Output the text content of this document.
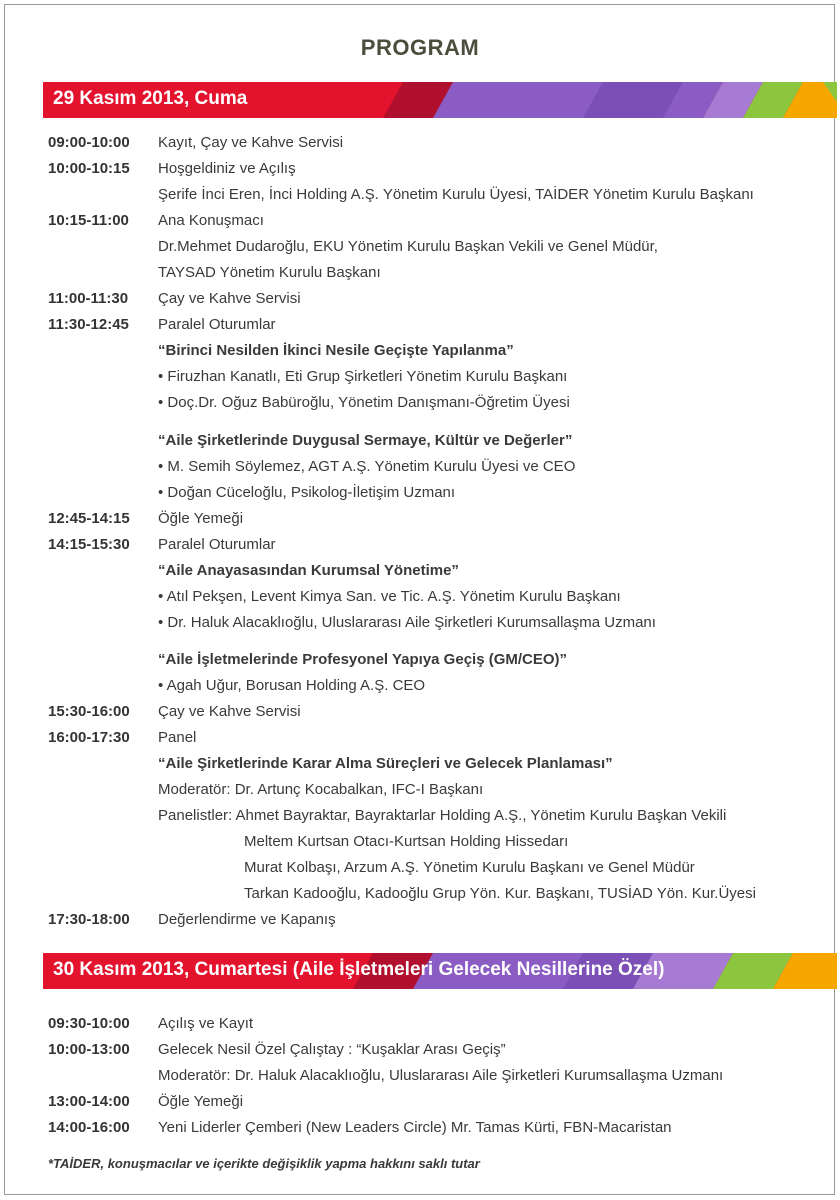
PROGRAM
29 Kasım 2013, Cuma
09:00-10:00 Kayıt, Çay ve Kahve Servisi
10:00-10:15 Hoşgeldiniz ve Açılış
Şerife İnci Eren, İnci Holding A.Ş. Yönetim Kurulu Üyesi, TAİDER Yönetim Kurulu Başkanı
10:15-11:00 Ana Konuşmacı
Dr.Mehmet Dudaroğlu, EKU Yönetim Kurulu Başkan Vekili ve Genel Müdür,
TAYSAD Yönetim Kurulu Başkanı
11:00-11:30 Çay ve Kahve Servisi
11:30-12:45 Paralel Oturumlar
“Birinci Nesilden İkinci Nesile Geçişte Yapılanma”
• Firuzhan Kanatlı, Eti Grup Şirketleri Yönetim Kurulu Başkanı
• Doç.Dr. Oğuz Babüroğlu, Yönetim Danışmanı-Öğretim Üyesi
“Aile Şirketlerinde Duygusal Sermaye, Kültür ve Değerler”
• M. Semih Söylemez, AGT A.Ş. Yönetim Kurulu Üyesi ve CEO
• Doğan Cüceloğlu, Psikolog-İletişim Uzmanı
12:45-14:15 Öğle Yemeği
14:15-15:30 Paralel Oturumlar
“Aile Anayasasından Kurumsal Yönetime”
• Atıl Pekşen, Levent Kimya San. ve Tic. A.Ş. Yönetim Kurulu Başkanı
• Dr. Haluk Alacaklıoğlu, Uluslararası Aile Şirketleri Kurumsallaşma Uzmanı
“Aile İşletmelerinde Profesyonel Yapıya Geçiş (GM/CEO)”
• Agah Uğur, Borusan Holding A.Ş. CEO
15:30-16:00 Çay ve Kahve Servisi
16:00-17:30 Panel
“Aile Şirketlerinde Karar Alma Süreçleri ve Gelecek Planlaması”
Moderatör: Dr. Artunç Kocabalkan, IFC-I Başkanı
Panelistler: Ahmet Bayraktar, Bayraktarlar Holding A.Ş., Yönetim Kurulu Başkan Vekili
Meltem Kurtsan Otacı-Kurtsan Holding Hissedarı
Murat Kolbaşı, Arzum A.Ş. Yönetim Kurulu Başkanı ve Genel Müdür
Tarkan Kadooğlu, Kadooğlu Grup Yön. Kur. Başkanı, TUSİAD Yön. Kur.Üyesi
17:30-18:00 Değerlendirme ve Kapanış
30 Kasım 2013, Cumartesi (Aile İşletmeleri Gelecek Nesillerine Özel)
09:30-10:00 Açılış ve Kayıt
10:00-13:00 Gelecek Nesil Özel Çalıştay : “Kuşaklar Arası Geçiş”
Moderatör: Dr. Haluk Alacaklıoğlu, Uluslararası Aile Şirketleri Kurumsallaşma Uzmanı
13:00-14:00 Öğle Yemeği
14:00-16:00 Yeni Liderler Çemberi (New Leaders Circle) Mr. Tamas Kürti, FBN-Macaristan
*TAİDER, konuşmacılar ve içerikte değişiklik yapma hakkını saklı tutar
